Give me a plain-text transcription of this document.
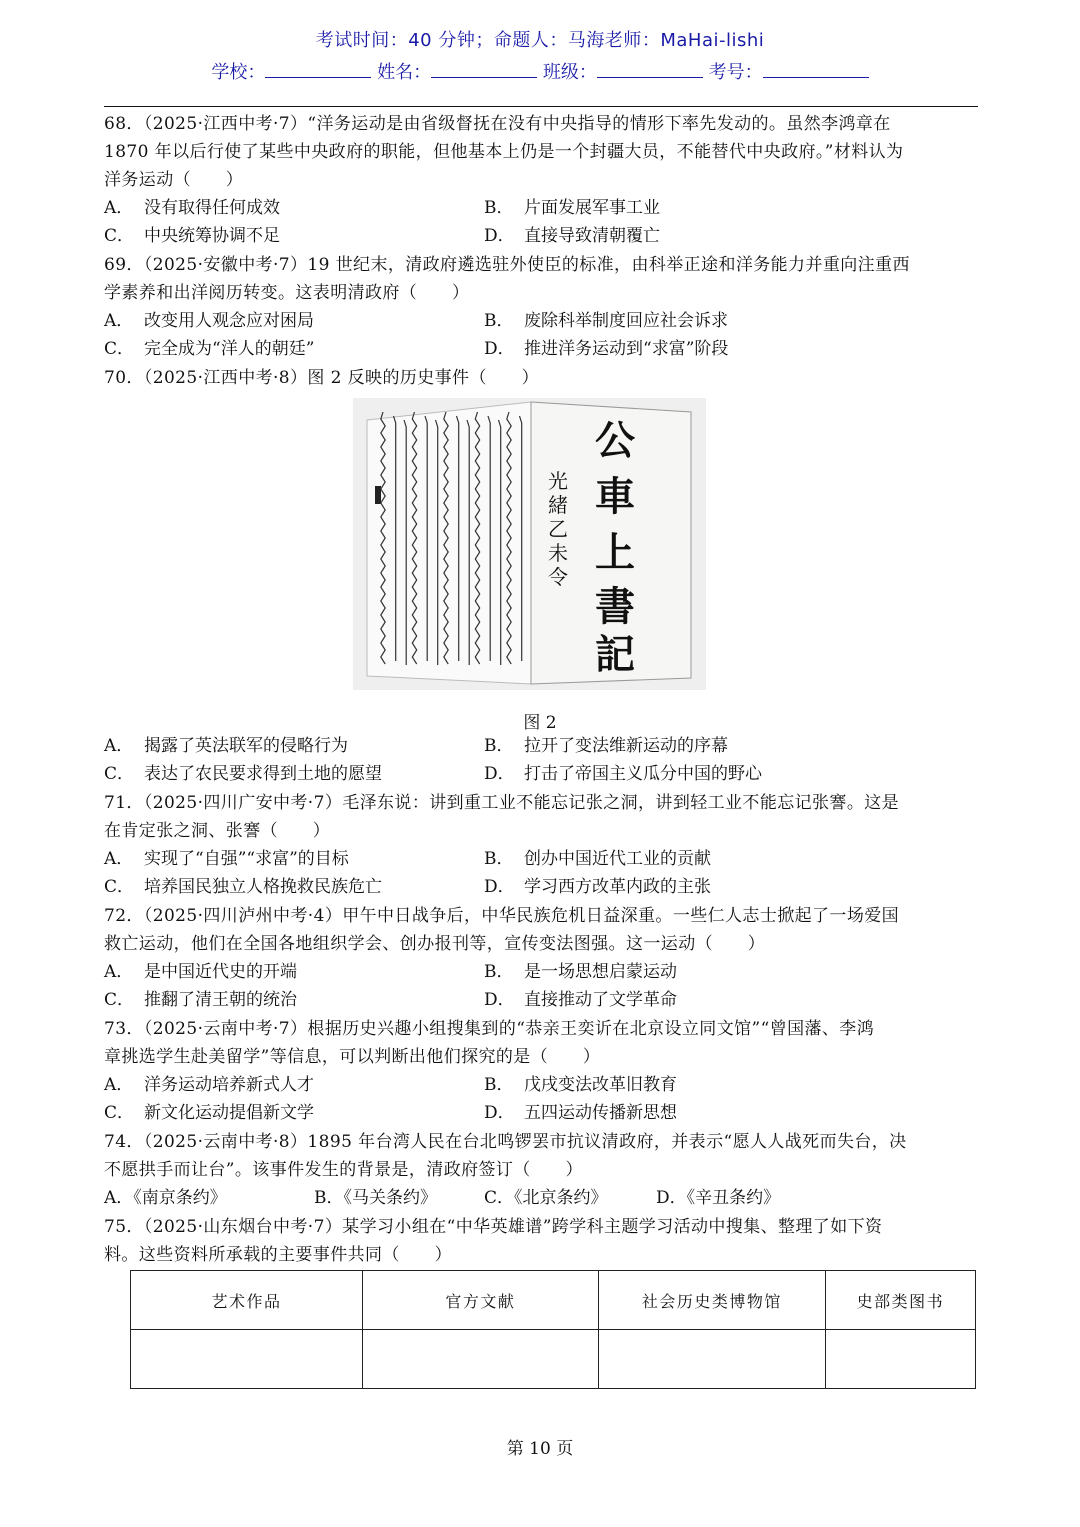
考试时间：40 分钟；命题人：马海老师：MaHai-lishi
学校：	姓名：	班级：	考号：
68．（2025·江西中考·7）“洋务运动是由省级督抚在没有中央指导的情形下率先发动的。虽然李鸿章在
1870 年以后行使了某些中央政府的职能，但他基本上仍是一个封疆大员，不能替代中央政府。”材料认为
洋务运动（　　）
A． 没有取得任何成效	B． 片面发展军事工业
C． 中央统筹协调不足	D． 直接导致清朝覆亡
69．（2025·安徽中考·7）19 世纪末，清政府遴选驻外使臣的标准，由科举正途和洋务能力并重向注重西
学素养和出洋阅历转变。这表明清政府（　　）
A． 改变用人观念应对困局	B． 废除科举制度回应社会诉求
C． 完全成为“洋人的朝廷”	D． 推进洋务运动到“求富”阶段
70．（2025·江西中考·8）图 2 反映的历史事件（　　）
公
車
上
書
記
光
緒
乙
未
令
图 2
A． 揭露了英法联军的侵略行为	B． 拉开了变法维新运动的序幕
C． 表达了农民要求得到土地的愿望	D． 打击了帝国主义瓜分中国的野心
71．（2025·四川广安中考·7）毛泽东说：讲到重工业不能忘记张之洞，讲到轻工业不能忘记张謇。这是
在肯定张之洞、张謇（　　）
A． 实现了“自强”“求富”的目标	B． 创办中国近代工业的贡献
C． 培养国民独立人格挽救民族危亡	D． 学习西方改革内政的主张
72．（2025·四川泸州中考·4）甲午中日战争后，中华民族危机日益深重。一些仁人志士掀起了一场爱国
救亡运动，他们在全国各地组织学会、创办报刊等，宣传变法图强。这一运动（　　）
A． 是中国近代史的开端	B． 是一场思想启蒙运动
C． 推翻了清王朝的统治	D． 直接推动了文学革命
73．（2025·云南中考·7）根据历史兴趣小组搜集到的“恭亲王奕䜣在北京设立同文馆”“曾国藩、李鸿
章挑选学生赴美留学”等信息，可以判断出他们探究的是（　　）
A． 洋务运动培养新式人才	B． 戊戌变法改革旧教育
C． 新文化运动提倡新文学	D． 五四运动传播新思想
74．（2025·云南中考·8）1895 年台湾人民在台北鸣锣罢市抗议清政府，并表示“愿人人战死而失台，决
不愿拱手而让台”。该事件发生的背景是，清政府签订（　　）
A．《南京条约》	B．《马关条约》	C．《北京条约》	D．《辛丑条约》
75．（2025·山东烟台中考·7）某学习小组在“中华英雄谱”跨学科主题学习活动中搜集、整理了如下资
料。这些资料所承载的主要事件共同（　　）
艺术作品	官方文献	社会历史类博物馆	史部类图书

第 10 页
